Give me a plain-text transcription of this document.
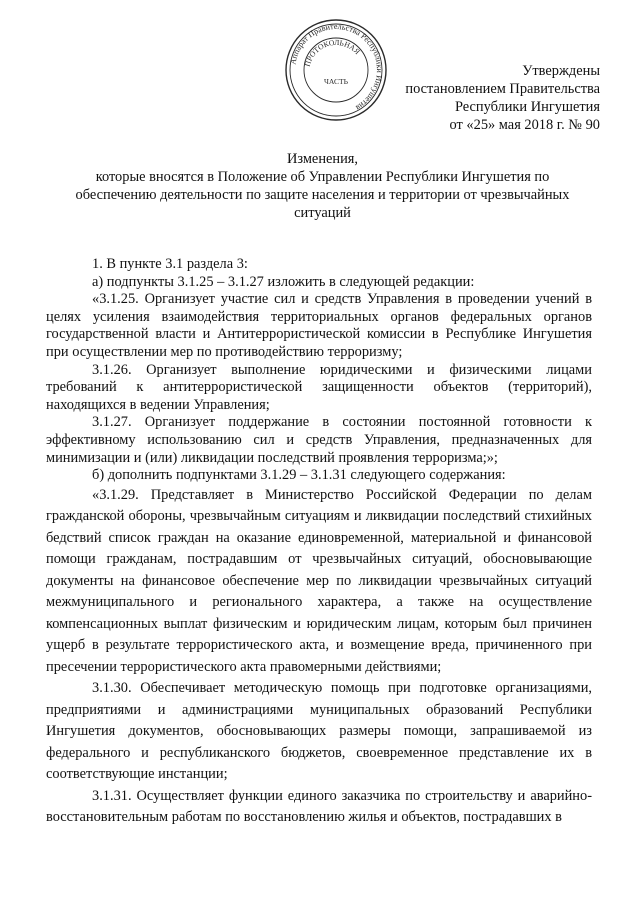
Аппарат Правительства Республики Ингушетия
ПРОТОКОЛЬНАЯ
ЧАСТЬ
Утверждены
постановлением Правительства
Республики Ингушетия
от «25» мая 2018 г. № 90
Изменения,
которые вносятся в Положение об Управлении Республики Ингушетия по
обеспечению деятельности по защите населения и территории от чрезвычайных
ситуаций

1. В пункте 3.1 раздела 3:

а) подпункты 3.1.25 – 3.1.27 изложить в следующей редакции:

«3.1.25. Организует участие сил и средств Управления в проведении учений в целях усиления взаимодействия территориальных органов федеральных органов государственной власти и Антитеррористической комиссии в Республике Ингушетия при осуществлении мер по противодействию терроризму;

3.1.26. Организует выполнение юридическими и физическими лицами требований к антитеррористической защищенности объектов (территорий), находящихся в ведении Управления;

3.1.27. Организует поддержание в состоянии постоянной готовности к эффективному использованию сил и средств Управления, предназначенных для минимизации и (или) ликвидации последствий проявления терроризма;»;

б) дополнить подпунктами 3.1.29 – 3.1.31 следующего содержания:

«3.1.29. Представляет в Министерство Российской Федерации по делам гражданской обороны, чрезвычайным ситуациям и ликвидации последствий стихийных бедствий список граждан на оказание единовременной, материальной и финансовой помощи гражданам, пострадавшим от чрезвычайных ситуаций, обосновывающие документы на финансовое обеспечение мер по ликвидации чрезвычайных ситуаций межмуниципального и регионального характера, а также на осуществление компенсационных выплат физическим и юридическим лицам, которым был причинен ущерб в результате террористического акта, и возмещение вреда, причиненного при пресечении террористического акта правомерными действиями;

3.1.30. Обеспечивает методическую помощь при подготовке организациями, предприятиями и администрациями муниципальных образований Республики Ингушетия документов, обосновывающих размеры помощи, запрашиваемой из федерального и республиканского бюджетов, своевременное представление их в соответствующие инстанции;

3.1.31. Осуществляет функции единого заказчика по строительству и аварийно-восстановительным работам по восстановлению жилья и объектов, пострадавших в
